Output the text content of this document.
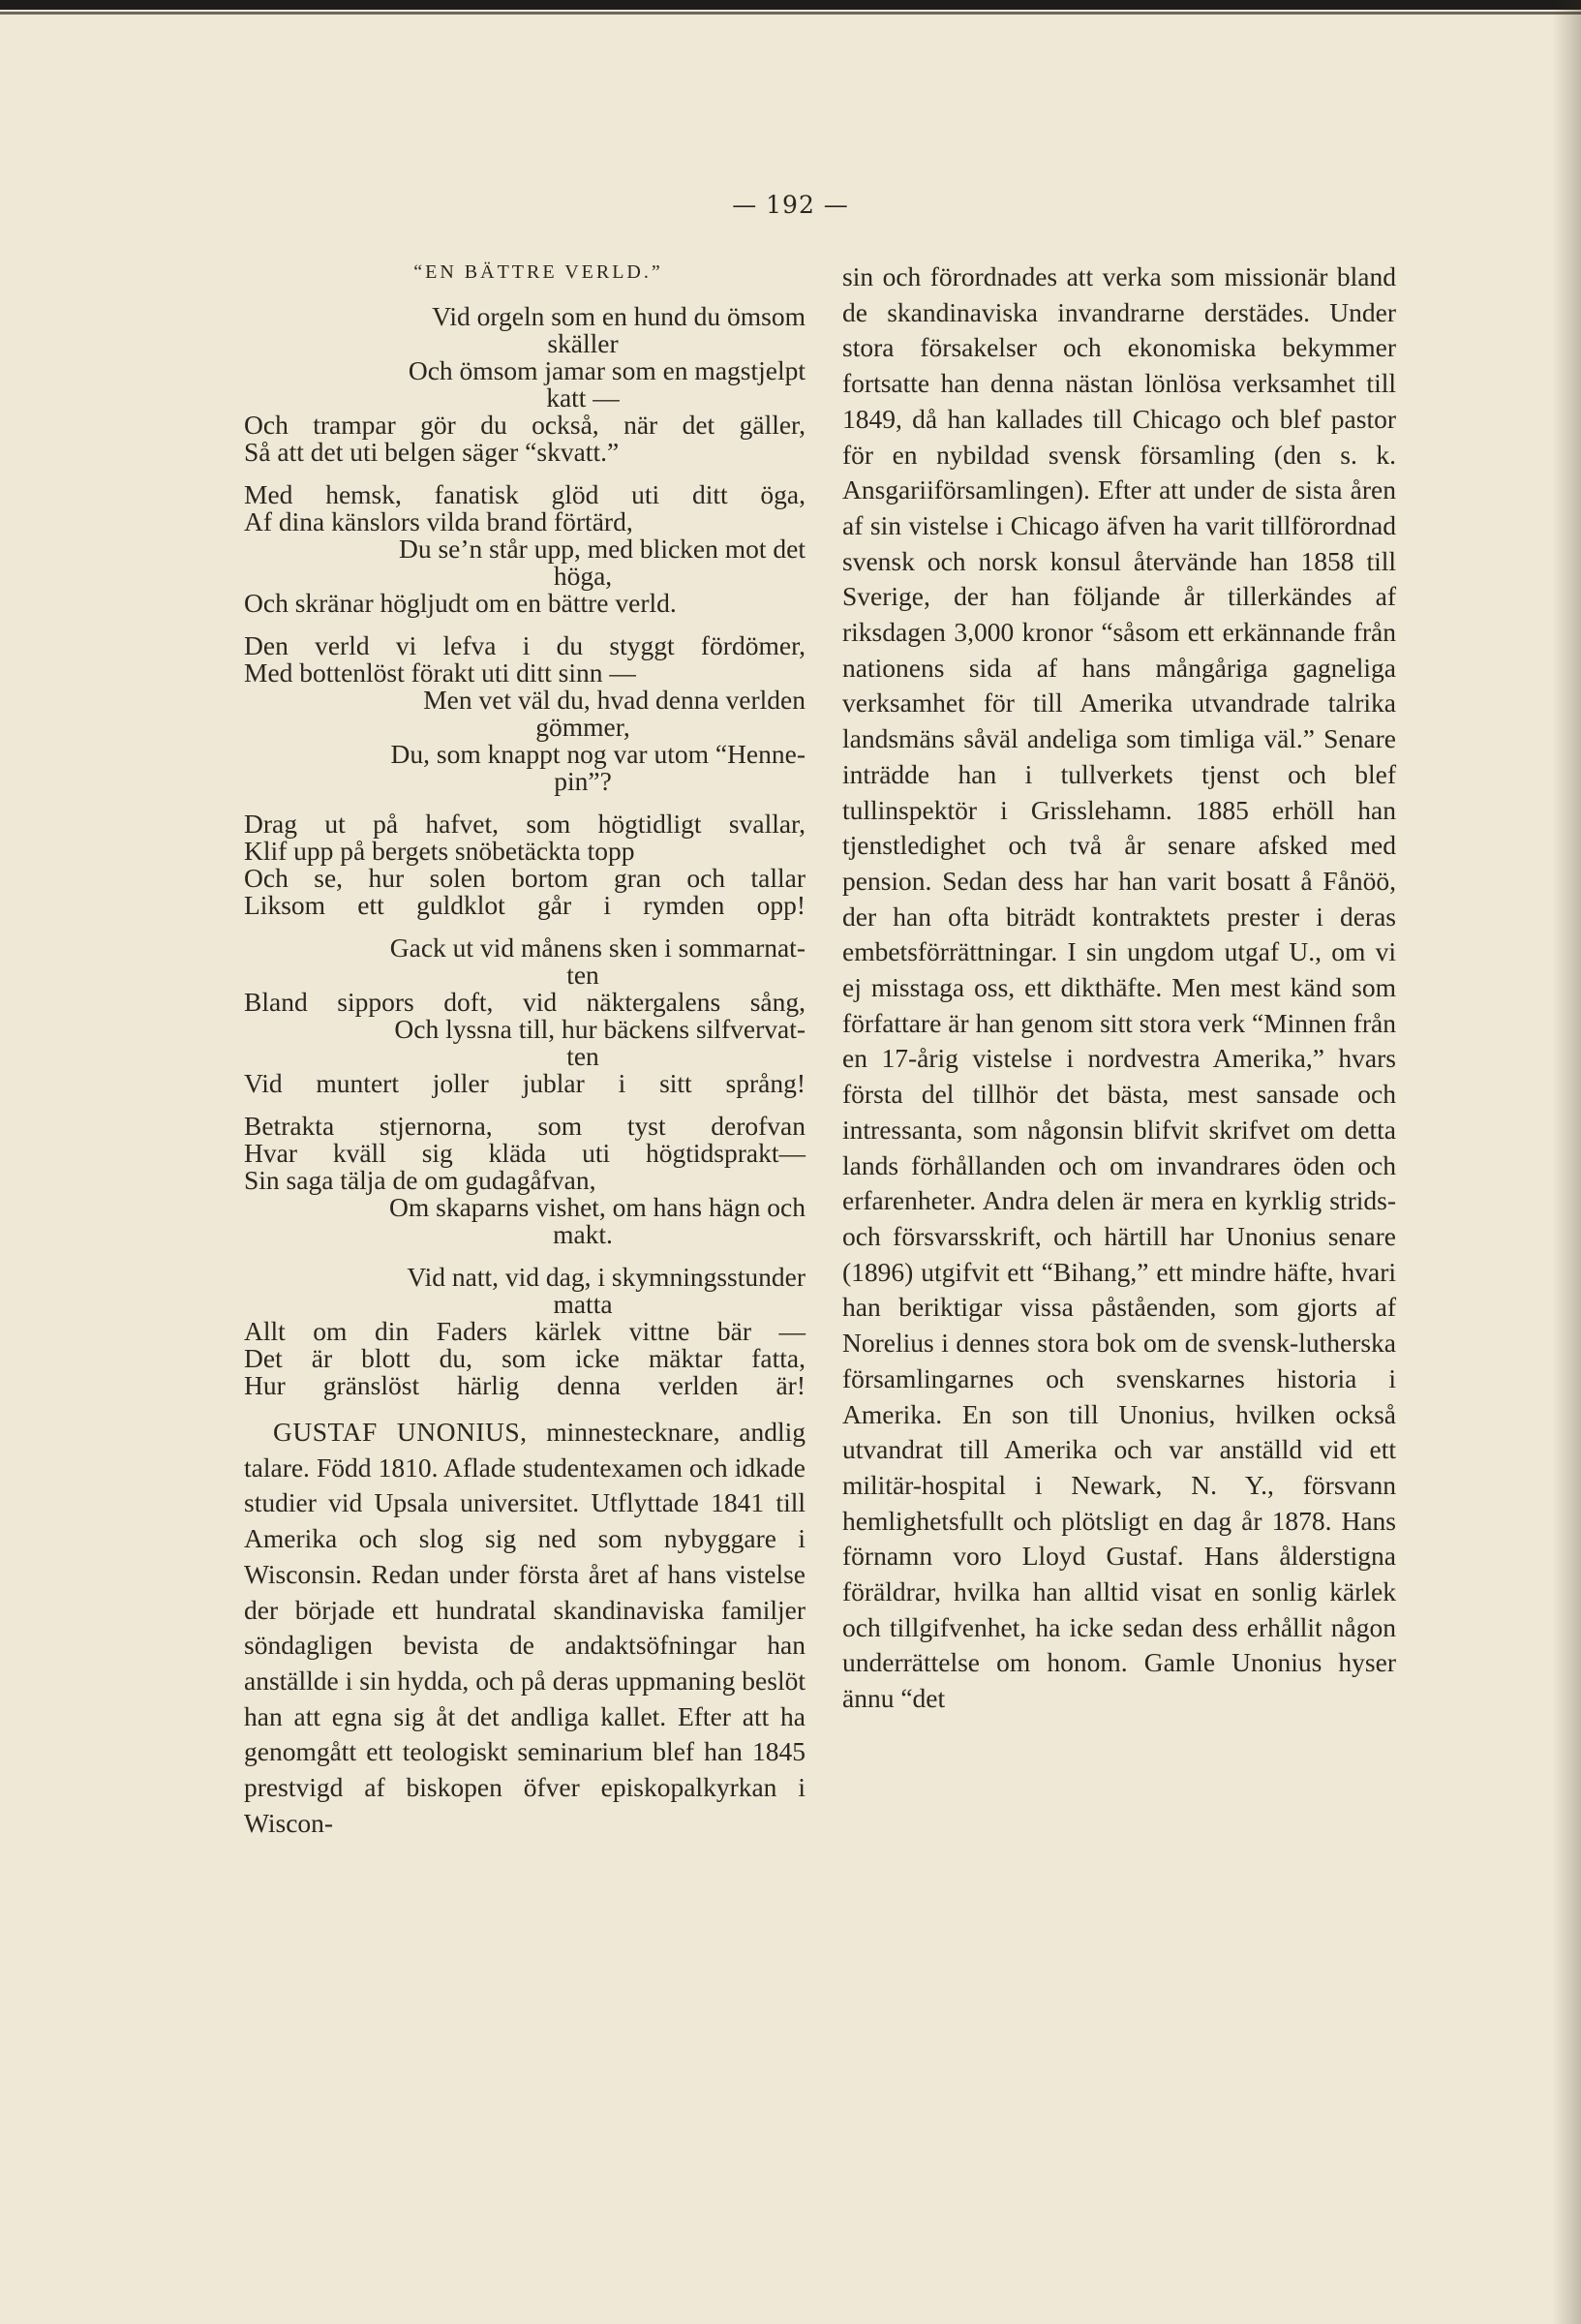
— 192 —
“EN BÄTTRE VERLD.”
Vid orgeln som en hund du ömsom
skäller
Och ömsom jamar som en magstjelpt
katt —
Och trampar gör du också, när det gäller,
Så att det uti belgen säger “skvatt.”
Med hemsk, fanatisk glöd uti ditt öga,
Af dina känslors vilda brand förtärd,
Du se’n står upp, med blicken mot det
höga,
Och skränar högljudt om en bättre verld.
Den verld vi lefva i du styggt fördömer,
Med bottenlöst förakt uti ditt sinn —
Men vet väl du, hvad denna verlden
gömmer,
Du, som knappt nog var utom “Henne-
pin”?
Drag ut på hafvet, som högtidligt svallar,
Klif upp på bergets snöbetäckta topp
Och se, hur solen bortom gran och tallar
Liksom ett guldklot går i rymden opp!
Gack ut vid månens sken i sommarnat-
ten
Bland sippors doft, vid näktergalens sång,
Och lyssna till, hur bäckens silfvervat-
ten
Vid muntert joller jublar i sitt språng!
Betrakta stjernorna, som tyst derofvan
Hvar kväll sig kläda uti högtidsprakt—
Sin saga tälja de om gudagåfvan,
Om skaparns vishet, om hans hägn och
makt.
Vid natt, vid dag, i skymningsstunder
matta
Allt om din Faders kärlek vittne bär —
Det är blott du, som icke mäktar fatta,
Hur gränslöst härlig denna verlden är!

GUSTAF UNONIUS, minnestecknare, andlig talare. Född 1810. Aflade studentexamen och idkade studier vid Upsala universitet. Utflyttade 1841 till Amerika och slog sig ned som nybyggare i Wisconsin. Redan under första året af hans vistelse der började ett hundratal skandinaviska familjer söndagligen bevista de andaktsöfningar han anställde i sin hydda, och på deras uppmaning beslöt han att egna sig åt det andliga kallet. Efter att ha genomgått ett teologiskt seminarium blef han 1845 prestvigd af biskopen öfver episkopalkyrkan i Wiscon-

sin och förordnades att verka som missionär bland de skandinaviska invandrarne derstädes. Under stora försakelser och ekonomiska bekymmer fortsatte han denna nästan lönlösa verksamhet till 1849, då han kallades till Chicago och blef pastor för en nybildad svensk församling (den s. k. Ansgariiförsamlingen). Efter att under de sista åren af sin vistelse i Chicago äfven ha varit tillförordnad svensk och norsk konsul återvände han 1858 till Sverige, der han följande år tillerkändes af riksdagen 3,000 kronor “såsom ett erkännande från nationens sida af hans mångåriga gagneliga verksamhet för till Amerika utvandrade talrika landsmäns såväl andeliga som timliga väl.” Senare inträdde han i tullverkets tjenst och blef tullinspektör i Grisslehamn. 1885 erhöll han tjenstledighet och två år senare afsked med pension. Sedan dess har han varit bosatt å Fånöö, der han ofta biträdt kontraktets prester i deras embetsförrättningar. I sin ungdom utgaf U., om vi ej misstaga oss, ett dikthäfte. Men mest känd som författare är han genom sitt stora verk “Minnen från en 17-årig vistelse i nordvestra Amerika,” hvars första del tillhör det bästa, mest sansade och intressanta, som någonsin blifvit skrifvet om detta lands förhållanden och om invandrares öden och erfarenheter. Andra delen är mera en kyrklig strids- och försvarsskrift, och härtill har Unonius senare (1896) utgifvit ett “Bihang,” ett mindre häfte, hvari han beriktigar vissa påståenden, som gjorts af Norelius i dennes stora bok om de svensk-lutherska församlingarnes och svenskarnes historia i Amerika. En son till Unonius, hvilken också utvandrat till Amerika och var anställd vid ett militär-hospital i Newark, N. Y., försvann hemlighetsfullt och plötsligt en dag år 1878. Hans förnamn voro Lloyd Gustaf. Hans ålderstigna föräldrar, hvilka han alltid visat en sonlig kärlek och tillgifvenhet, ha icke sedan dess erhållit någon underrättelse om honom. Gamle Unonius hyser ännu “det
